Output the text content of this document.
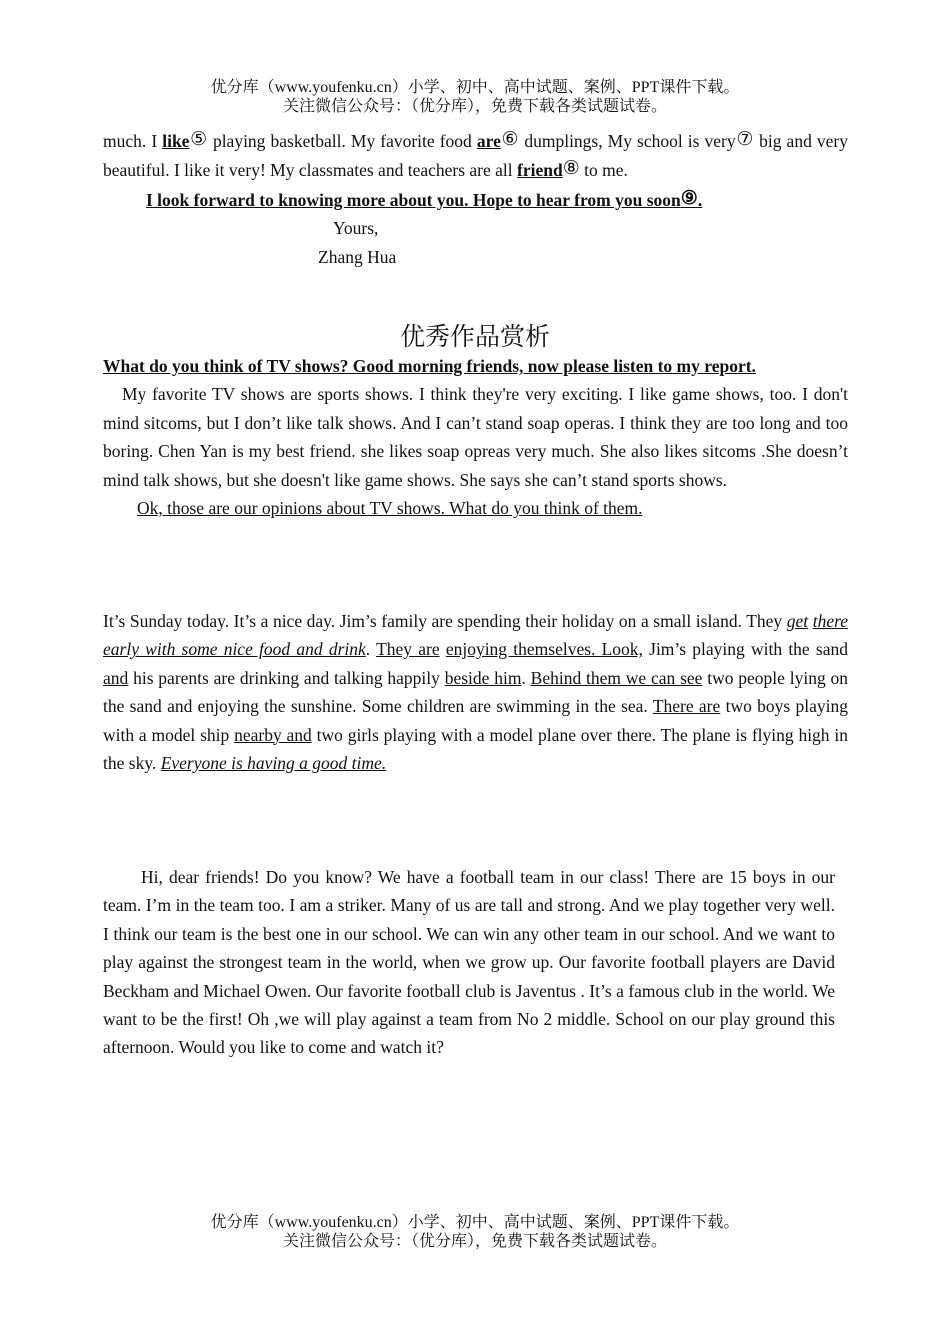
优分库（www.youfenku.cn）小学、初中、高中试题、案例、PPT课件下载。
关注微信公众号：（优分库），免费下载各类试题试卷。

much. I like⑤ playing basketball. My favorite food are⑥ dumplings, My school is very⑦ big and very beautiful. I like it very! My classmates and teachers are all friend⑧ to me.

I look forward to knowing more about you. Hope to hear from you soon⑨.

Yours,

Zhang Hua

优秀作品赏析

What do you think of TV shows? Good morning friends, now please listen to my report.

My favorite TV shows are sports shows. I think they're very exciting. I like game shows, too. I don't mind sitcoms, but I don’t like talk shows. And I can’t stand soap operas. I think they are too long and too boring. Chen Yan is my best friend. she likes soap opreas very much. She also likes sitcoms .She doesn’t mind talk shows, but she doesn't like game shows. She says she can’t stand sports shows.

Ok, those are our opinions about TV shows. What do you think of them.

It’s Sunday today. It’s a nice day. Jim’s family are spending their holiday on a small island. They get there early with some nice food and drink. They are enjoying themselves. Look, Jim’s playing with the sand and his parents are drinking and talking happily beside him. Behind them we can see two people lying on the sand and enjoying the sunshine. Some children are swimming in the sea. There are two boys playing with a model ship nearby and two girls playing with a model plane over there. The plane is flying high in the sky. Everyone is having a good time.

Hi, dear friends! Do you know? We have a football team in our class! There are 15 boys in our team. I’m in the team too. I am a striker. Many of us are tall and strong. And we play together very well. I think our team is the best one in our school. We can win any other team in our school. And we want to play against the strongest team in the world, when we grow up. Our favorite football players are David Beckham and Michael Owen. Our favorite football club is Javentus . It’s a famous club in the world. We want to be the first! Oh ,we will play against a team from No 2 middle. School on our play ground this afternoon. Would you like to come and watch it?

优分库（www.youfenku.cn）小学、初中、高中试题、案例、PPT课件下载。
关注微信公众号：（优分库），免费下载各类试题试卷。
